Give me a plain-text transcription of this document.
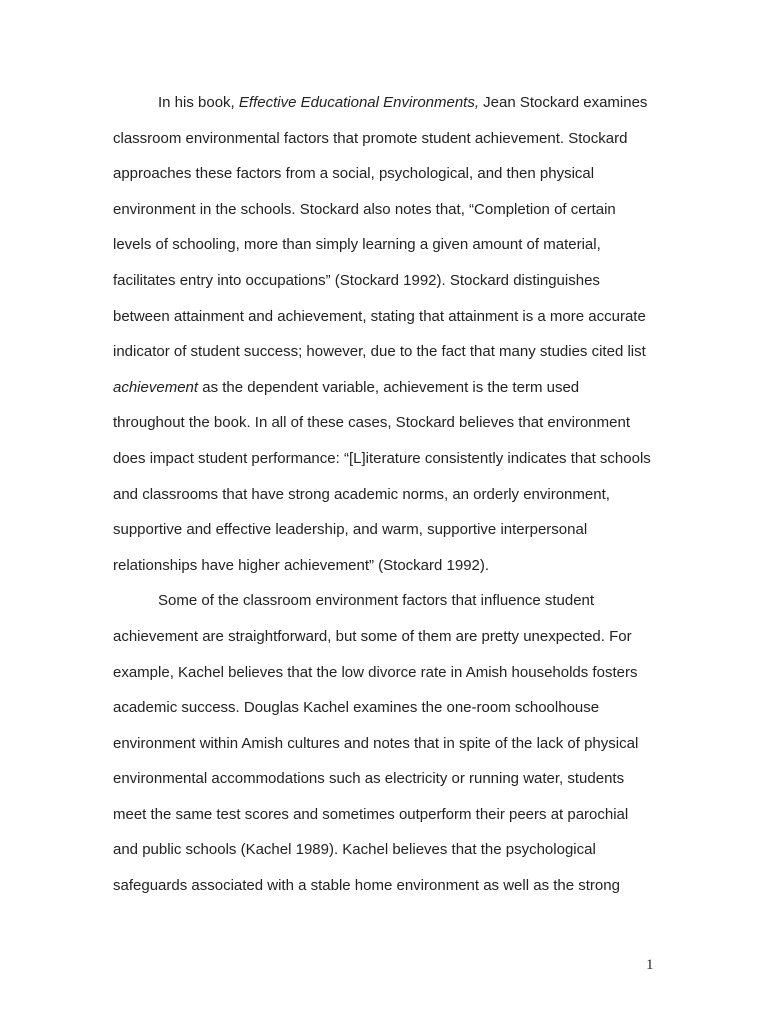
In his book, Effective Educational Environments, Jean Stockard examines
classroom environmental factors that promote student achievement. Stockard
approaches these factors from a social, psychological, and then physical
environment in the schools. Stockard also notes that, “Completion of certain
levels of schooling, more than simply learning a given amount of material,
facilitates entry into occupations” (Stockard 1992). Stockard distinguishes
between attainment and achievement, stating that attainment is a more accurate
indicator of student success; however, due to the fact that many studies cited list
achievement as the dependent variable, achievement is the term used
throughout the book. In all of these cases, Stockard believes that environment
does impact student performance: “[L]iterature consistently indicates that schools
and classrooms that have strong academic norms, an orderly environment,
supportive and effective leadership, and warm, supportive interpersonal
relationships have higher achievement” (Stockard 1992).
Some of the classroom environment factors that influence student
achievement are straightforward, but some of them are pretty unexpected. For
example, Kachel believes that the low divorce rate in Amish households fosters
academic success. Douglas Kachel examines the one-room schoolhouse
environment within Amish cultures and notes that in spite of the lack of physical
environmental accommodations such as electricity or running water, students
meet the same test scores and sometimes outperform their peers at parochial
and public schools (Kachel 1989). Kachel believes that the psychological
safeguards associated with a stable home environment as well as the strong
1
